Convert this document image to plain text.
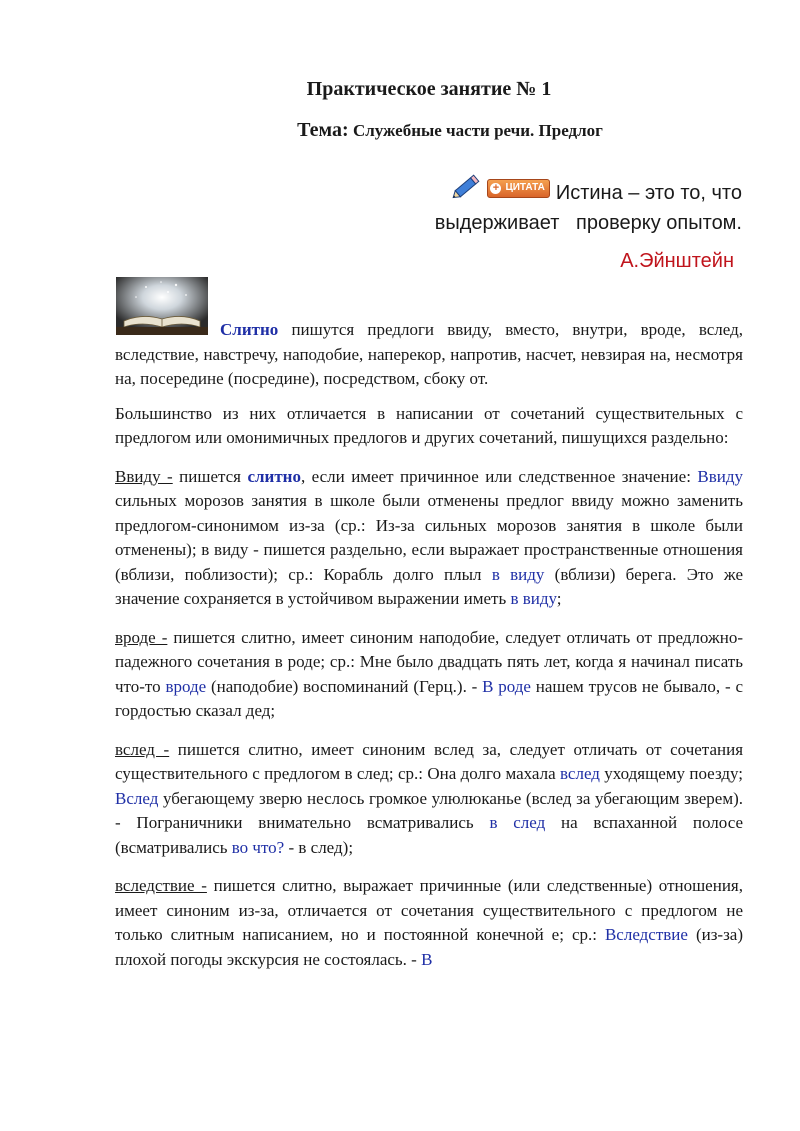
Практическое занятие № 1
Тема: Служебные части речи. Предлог
+ ЦИТАТА Истина – это то, что
выдерживает   проверку опытом.
А.Эйнштейн

Слитно пишутся предлоги ввиду, вместо, внутри, вроде, вслед, вследствие, навстречу, наподобие, наперекор, напротив, насчет, невзирая на, несмотря на, посередине (посредине), посредством, сбоку от.

Большинство из них отличается в написании от сочетаний существительных с предлогом или омонимичных предлогов и других сочетаний, пишущихся раздельно:

Ввиду - пишется слитно, если имеет причинное или следственное значение: Ввиду сильных морозов занятия в школе были отменены предлог ввиду можно заменить предлогом-синонимом из-за (ср.: Из-за сильных морозов занятия в школе были отменены); в виду - пишется раздельно, если выражает пространственные отношения (вблизи, поблизости); ср.: Корабль долго плыл в виду (вблизи) берега. Это же значение сохраняется в устойчивом выражении иметь в виду;

вроде - пишется слитно, имеет синоним наподобие, следует отличать от предложно-падежного сочетания в роде; ср.: Мне было двадцать пять лет, когда я начинал писать что-то вроде (наподобие) воспоминаний (Герц.). - В роде нашем трусов не бывало, - с гордостью сказал дед;

вслед - пишется слитно, имеет синоним вслед за, следует отличать от сочетания существительного с предлогом в след; ср.: Она долго махала вслед уходящему поезду; Вслед убегающему зверю неслось громкое улюлюканье (вслед за убегающим зверем). - Пограничники внимательно всматривались в след на вспаханной полосе (всматривались во что? - в след);

вследствие - пишется слитно, выражает причинные (или следственные) отношения, имеет синоним из-за, отличается от сочетания существительного с предлогом не только слитным написанием, но и постоянной конечной е; ср.: Вследствие (из-за) плохой погоды экскурсия не состоялась. - В
